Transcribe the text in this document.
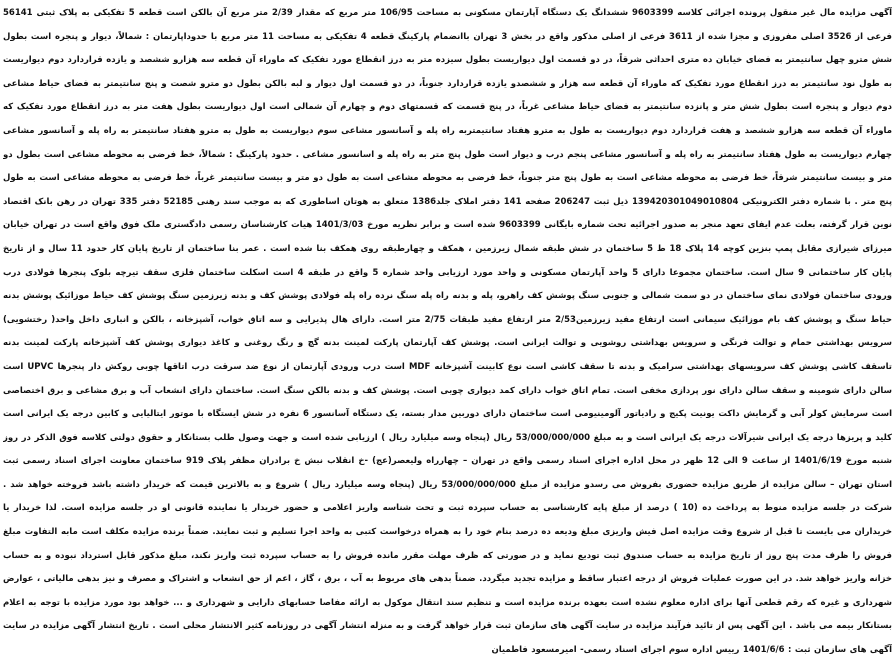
آگهی مزایده مال غیر منقول پرونده اجرائی کلاسه 9603399 ششدانگ یک دستگاه آپارتمان مسکونی به مساحت 106/95 متر مربع که مقدار 2/39 متر مربع آن بالکن است قطعه 5 تفکیکی به پلاک ثبتی 56141 فرعی از 3526 اصلی مفروزی و مجزا شده از 3611 فرعی از اصلی مذکور واقع در بخش 3 تهران باانضمام پارکینگ قطعه 4 تفکیکی به مساحت 11 متر مربع با حدوداپارتمان : شمالاً، دیوار و پنجره است بطول شش مترو چهل سانتیمتر به فضای خیابان ده متری احداثی شرقاً، در دو قسمت اول دیواریست بطول سیزده متر به درز انقطاع مورد تفکیک که ماوراء آن قطعه سه هزارو ششصد و یازده قراردارد دوم دیواریست به طول نود سانتیمتر به درز انقطاع مورد تفکیک که ماوراء آن قطعه سه هزار و ششصدو یازده قراردارد جنوباً، در دو قسمت اول دیوار و لبه بالکن بطول دو مترو شصت و پنج سانتیمتر به فضای حیاط مشاعی دوم دیوار و پنجره است بطول شش متر و پانزده سانتیمتر به فضای حیاط مشاعی غرباً، در پنج قسمت که قسمتهای دوم و چهارم آن شمالی است اول دیواریست بطول هفت متر به درز انقطاع مورد تفکیک که ماوراء آن قطعه سه هزارو ششصد و هفت قراردارد دوم دیواریست به طول به مترو هفتاد سانتیمتربه راه پله و آسانسور مشاعی سوم دیواریست به طول به مترو هفتاد سانتیمتر به راه پله و آسانسور مشاعی چهارم دیواریست به طول هفتاد سانتیمتر به راه پله و آسانسور مشاعی پنجم درب و دیوار است طول پنج متر به راه پله و اسانسور مشاعی . حدود پارکینگ : شمالاً، خط فرضی به محوطه مشاعی است بطول دو متر و بیست سانتیمتر شرقاً، خط فرضی به محوطه مشاعی است به طول پنج متر جنوباً، خط فرضی به محوطه مشاعی است به طول دو متر و بیست سانتیمتر غرباً، خط فرضی به محوطه مشاعی است به طول پنج متر . با شماره دفتر الکترونیکی 139420301049010804 ذیل ثبت 206247 صفحه 141 دفتر املاک جلد1386 متعلق به هوتان اساطوری که به موجب سند رهنی 52185 دفتر 335 تهران در رهن بانک اقتصاد نوین قرار گرفته، بعلت عدم ایفای تعهد منجر به صدور اجرائیه تحت شماره بایگانی 9603399 شده است و برابر نظریه مورخ 1401/3/03 هیات کارشناسان رسمی دادگستری ملک فوق واقع است در تهران خیابان میرزای شیرازی مقابل پمپ بنزین کوچه 14 پلاک 18 ط 5 ساختمان در شش طبقه شمال زیرزمین ، همکف و چهارطبقه روی همکف بنا شده است . عمر بنا ساختمان از تاریخ پایان کار حدود 11 سال و از تاریخ پایان کار ساختمانی 9 سال است. ساختمان مجموعا دارای 5 واحد آپارتمان مسکونی و واحد مورد ارزیابی واحد شماره 5 واقع در طبقه 4 است اسکلت ساختمان فلزی سقف تیرچه بلوک پنجرها فولادی درب ورودی ساختمان فولادی نمای ساختمان در دو سمت شمالی و جنوبی سنگ پوشش کف راهرو، پله و بدنه راه پله سنگ نرده راه پله فولادی پوشش کف و بدنه زیرزمین سنگ پوشش کف حیاط موزائیک پوشش بدنه حیاط سنگ و پوشش کف بام موزائیک سیمانی است ارتفاع مفید زیرزمین2/53 متر ارتفاع مفید طبقات 2/75 متر است. دارای هال پذیرایی و سه اتاق خواب، آشپزخانه ، بالکن و انباری داخل واحد( رختشویی) سرویس بهداشتی حمام و توالت فرنگی و سرویس بهداشتی روشویی و توالت ایرانی است. پوشش کف آپارتمان پارکت لمینت بدنه گچ و رنگ روغنی و کاغذ دیواری پوشش کف آشپزخانه پارکت لمینت بدنه تاسقف کاشی پوشش کف سرویسهای بهداشتی سرامیک و بدنه تا سقف کاشی است نوع کابینت آشپزخانه MDF است درب ورودی آپارتمان از نوع ضد سرقت درب اتاقها چوبی روکش دار پنجرها UPVC است سالن دارای شومینه و سقف سالن دارای نور پردازی مخفی است. تمام اتاق خواب دارای کمد دیواری چوبی است. پوشش کف و بدنه بالکن سنگ است. ساختمان دارای انشعاب آب و برق مشاعی و برق اختصاصی است سرمایش کولر آبی و گرمایش داکت یونیت پکیج و رادیاتور آلومینیومی است ساختمان دارای دوربین مدار بسته، یک دستگاه آسانسور 6 نفره در شش ایستگاه با موتور ایتالیایی و کابین درجه یک ایرانی است کلید و پریزها درجه یک ایرانی شیرآلات درجه یک ایرانی است و به مبلغ 53/000/000/000 ریال (پنجاه وسه میلیارد ریال ) ارزیابی شده است و جهت وصول طلب بستانکار و حقوق دولتی کلاسه فوق الذکر در روز شنبه مورخ 1401/6/19 از ساعت 9 الی 12 ظهر در محل اداره اجرای اسناد رسمی واقع در تهران – چهارراه ولیعصر(عج) -خ انقلاب نبش خ برادران مظفر پلاک 919 ساختمان معاونت اجرای اسناد رسمی ثبت استان تهران – سالن مزایده از طریق مزایده حضوری بفروش می رسدو مزایده از مبلغ 53/000/000/000 ریال (پنجاه وسه میلیارد ریال ) شروع و به بالاترین قیمت که خریدار داشته باشد فروخته خواهد شد . شرکت در جلسه مزایده منوط به پرداخت ده (10 ) درصد از مبلغ پایه کارشناسی به حساب سپرده ثبت و تحت شناسه واریز اعلامی و حضور خریدار یا نماینده قانونی او در جلسه مزایده است. لذا خریدار یا خریداران می بایست تا قبل از شروع وقت مزایده اصل فیش واریزی مبلغ ودیعه ده درصد بنام خود را به همراه درخواست کتبی به واحد اجرا تسلیم و ثبت نمایند. ضمناً برنده مزایده مکلف است مابه التفاوت مبلغ فروش را ظرف مدت پنج روز از تاریخ مزایده به حساب صندوق ثبت تودیع نماید و در صورتی که ظرف مهلت مقرر مانده فروش را به حساب سپرده ثبت واریز نکند، مبلغ مذکور قابل استرداد نبوده و به حساب خزانه واریز خواهد شد. در این صورت عملیات فروش از درجه اعتبار ساقط و مزایده تجدید میگردد. ضمناً بدهی های مربوط به آب ، برق ، گاز ، اعم از حق انشعاب و اشتراک و مصرف و نیز بدهی مالیاتی ، عوارض شهرداری و غیره که رقم قطعی آنها برای اداره معلوم نشده است بعهده برنده مزایده است و تنظیم سند انتقال موکول به ارائه مفاصا حسابهای دارایی و شهرداری و ... خواهد بود مورد مزایده با توجه به اعلام بستانکار بیمه می باشد . این آگهی پس از تائید فرآیند مزایده در سایت آگهی های سازمان ثبت قرار خواهد گرفت و به منزله انتشار آگهی در روزنامه کثیر الانتشار محلی است . تاریخ انتشار آگهی مزایده در سایت آگهی های سازمان ثبت : 1401/6/6 رییس اداره سوم اجرای اسناد رسمی- امیرمسعود فاطمیان
